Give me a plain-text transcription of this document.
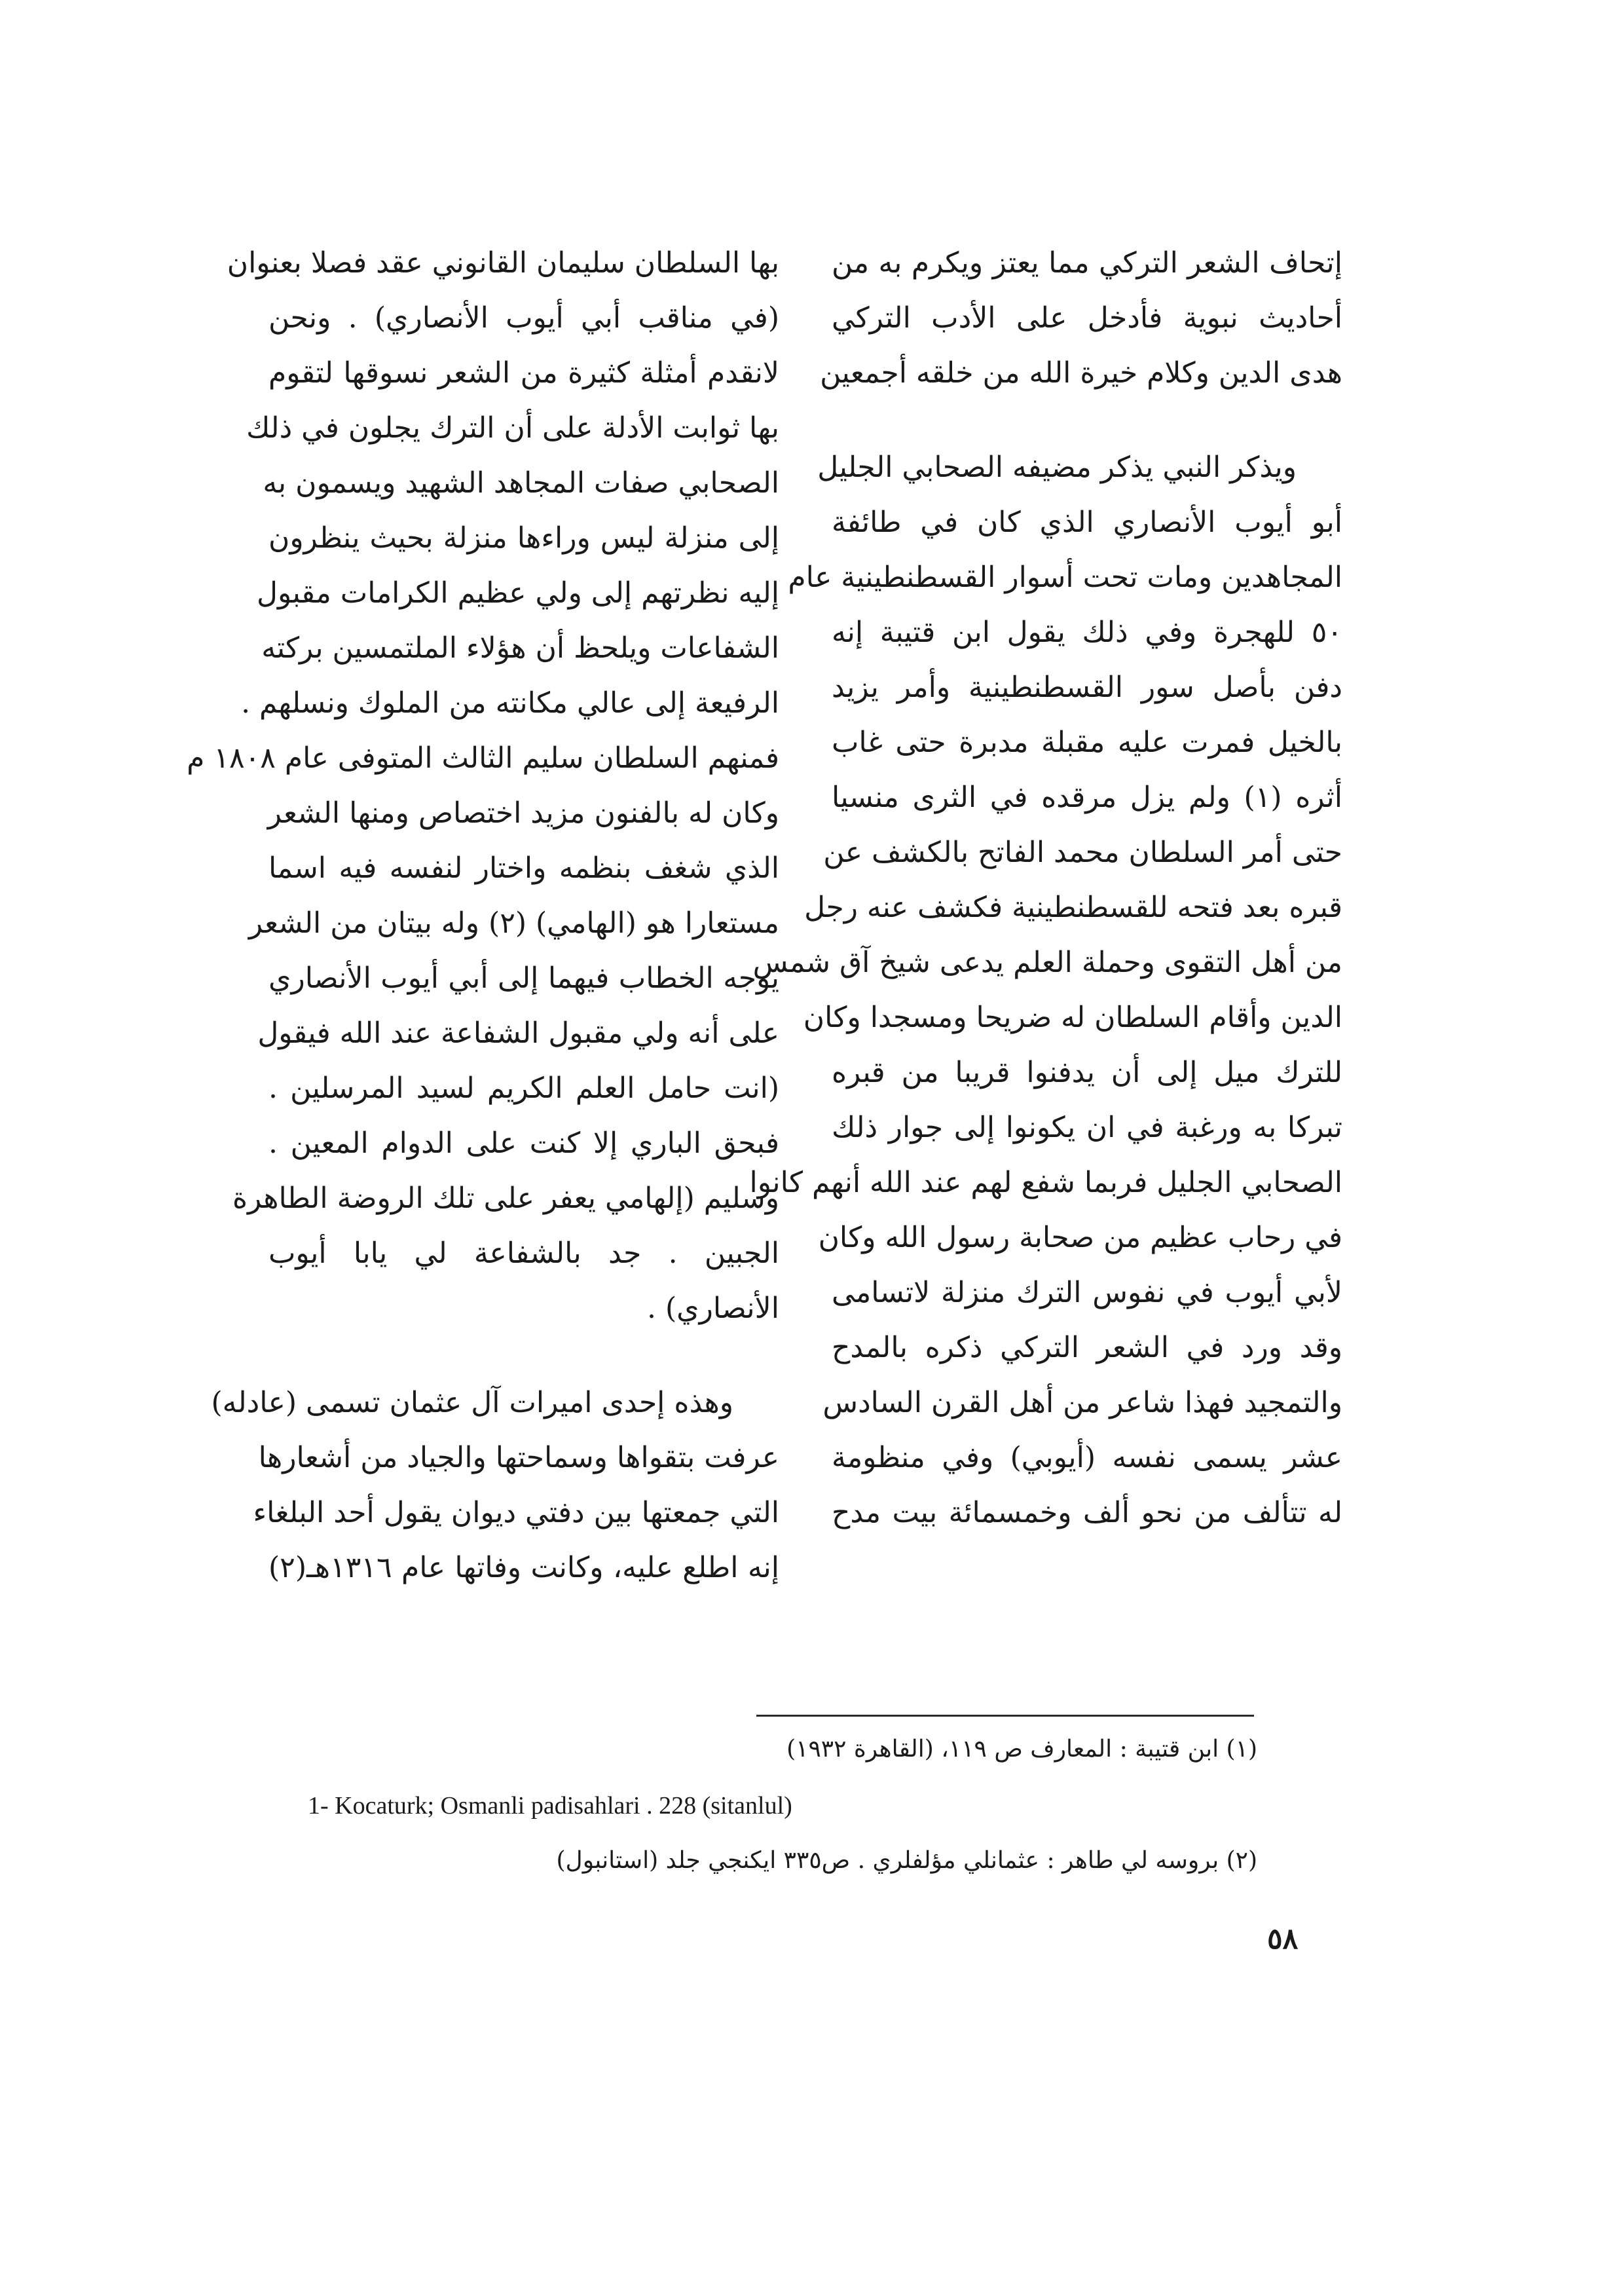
إتحاف الشعر التركي مما يعتز ويكرم به من
أحاديث نبوية فأدخل على الأدب التركي
هدى الدين وكلام خيرة الله من خلقه أجمعين
ويذكر النبي يذكر مضيفه الصحابي الجليل
أبو أيوب الأنصاري الذي كان في طائفة
المجاهدين ومات تحت أسوار القسطنطينية عام
٥٠ للهجرة وفي ذلك يقول ابن قتيبة إنه
دفن بأصل سور القسطنطينية وأمر يزيد
بالخيل فمرت عليه مقبلة مدبرة حتى غاب
أثره (١) ولم يزل مرقده في الثرى منسيا
حتى أمر السلطان محمد الفاتح بالكشف عن
قبره بعد فتحه للقسطنطينية فكشف عنه رجل
من أهل التقوى وحملة العلم يدعى شيخ آق شمس
الدين وأقام السلطان له ضريحا ومسجدا وكان
للترك ميل إلى أن يدفنوا قريبا من قبره
تبركا به ورغبة في ان يكونوا إلى جوار ذلك
الصحابي الجليل فربما شفع لهم عند الله أنهم كانوا
في رحاب عظيم من صحابة رسول الله وكان
لأبي أيوب في نفوس الترك منزلة لاتسامى
وقد ورد في الشعر التركي ذكره بالمدح
والتمجيد فهذا شاعر من أهل القرن السادس
عشر يسمى نفسه (أيوبي) وفي منظومة
له تتألف من نحو ألف وخمسمائة بيت مدح
بها السلطان سليمان القانوني عقد فصلا بعنوان
(في مناقب أبي أيوب الأنصاري) . ونحن
لانقدم أمثلة كثيرة من الشعر نسوقها لتقوم
بها ثوابت الأدلة على أن الترك يجلون في ذلك
الصحابي صفات المجاهد الشهيد ويسمون به
إلى منزلة ليس وراءها منزلة بحيث ينظرون
إليه نظرتهم إلى ولي عظيم الكرامات مقبول
الشفاعات ويلحظ أن هؤلاء الملتمسين بركته
الرفيعة إلى عالي مكانته من الملوك ونسلهم .
فمنهم السلطان سليم الثالث المتوفى عام ١٨٠٨ م
وكان له بالفنون مزيد اختصاص ومنها الشعر
الذي شغف بنظمه واختار لنفسه فيه اسما
مستعارا هو (الهامي) (٢) وله بيتان من الشعر
يوجه الخطاب فيهما إلى أبي أيوب الأنصاري
على أنه ولي مقبول الشفاعة عند الله فيقول
(انت حامل العلم الكريم لسيد المرسلين .
فبحق الباري إلا كنت على الدوام المعين .
وسليم (إلهامي يعفر على تلك الروضة الطاهرة
الجبين . جد بالشفاعة لي يابا أيوب
الأنصاري) .
وهذه إحدى اميرات آل عثمان تسمى (عادله)
عرفت بتقواها وسماحتها والجياد من أشعارها
التي جمعتها بين دفتي ديوان يقول أحد البلغاء
إنه اطلع عليه، وكانت وفاتها عام ١٣١٦هـ(٢)
(١) ابن قتيبة : المعارف ص ١١٩، (القاهرة ١٩٣٢)
1- Kocaturk; Osmanli padisahlari . 228 (sitanlul)
(٢) بروسه لي طاهر : عثمانلي مؤلفلري . ص٣٣٥ ايكنجي جلد (استانبول)
٥٨
